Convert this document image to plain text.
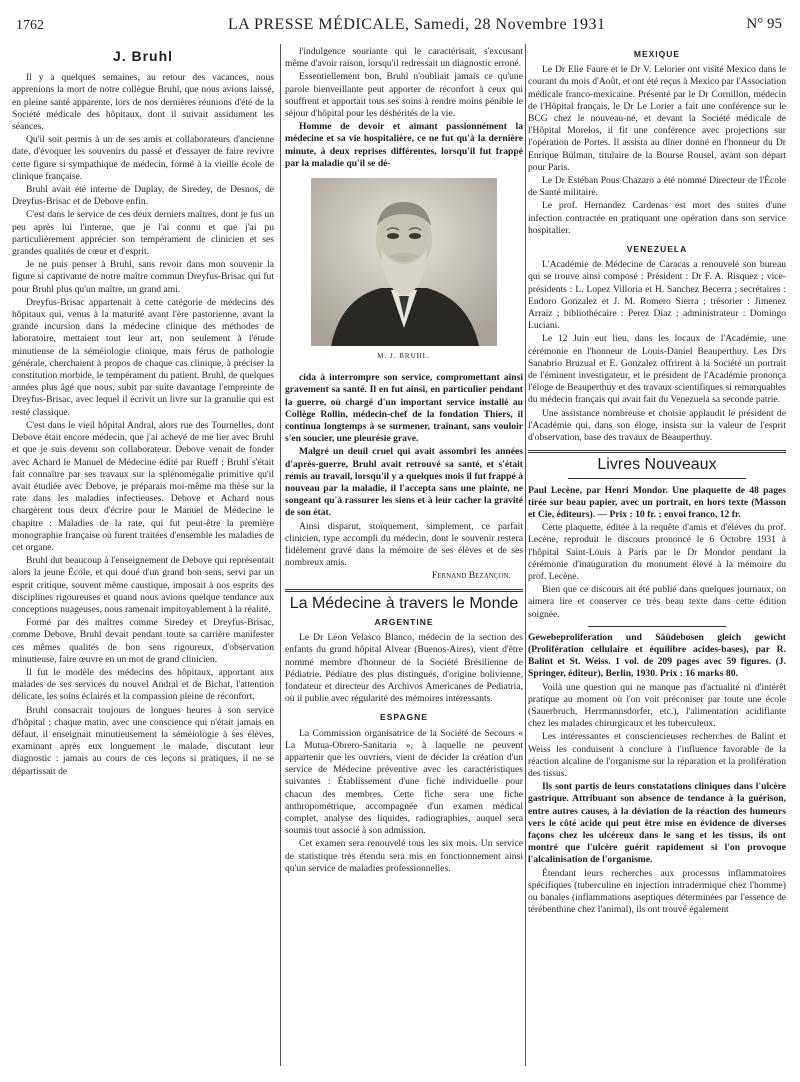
1762	LA PRESSE MÉDICALE, Samedi, 28 Novembre 1931	N° 95
J. Bruhl

Il y a quelques semaines, au retour des vacances, nous apprenions la mort de notre collègue Bruhl, que nous avions laissé, en pleine santé apparente, lors de nos dernières réunions d'été de la Société médicale des hôpitaux, dont il suivait assidument les séances.

Qu'il soit permis à un de ses amis et collaborateurs d'ancienne date, d'évoquer les souvenirs du passé et d'essayer de faire revivre cette figure si sympathique de médecin, formé à la vieille école de clinique française.

Bruhl avait été interne de Duplay, de Siredey, de Desnos, de Dreyfus-Brisac et de Debove enfin.

C'est dans le service de ces deux derniers maîtres, dont je fus un peu après lui l'interne, que je l'ai connu et que j'ai pu particulièrement apprécier son tempérament de clinicien et ses grandes qualités de cœur et d'esprit.

Je ne puis penser à Bruhl, sans revoir dans mon souvenir la figure si captivante de notre maître commun Dreyfus-Brisac qui fut pour Bruhl plus qu'un maître, un grand ami.

Dreyfus-Brisac appartenait à cette catégorie de médecins des hôpitaux qui, venus à la maturité avant l'ère pastorienne, avant la grande incursion dans la médecine clinique des méthodes de laboratoire, mettaient tout leur art, non seulement à l'étude minutieuse de la séméiologie clinique, mais férus de pathologie générale, cherchaient à propos de chaque cas clinique, à préciser la constitution morbide, le tempérament du patient. Bruhl, de quelques années plus âgé que nous, subit par suite davantage l'empreinte de Dreyfus-Brisac, avec lequel il écrivit un livre sur la granulie qui est resté classique.

C'est dans le vieil hôpital Andral, alors rue des Tournelles, dont Debove était encore médecin, que j'ai achevé de me lier avec Bruhl et que je suis devenu son collaborateur. Debove venait de fonder avec Achard le Manuel de Médecine édité par Rueff ; Bruhl s'était fait connaître par ses travaux sur la splénomégalie primitive qu'il avait étudiée avec Debove, je préparais moi-même ma thèse sur la rate dans les maladies infectieuses. Debove et Achard nous chargèrent tous deux d'écrire pour le Manuel de Médecine le chapitre : Maladies de la rate, qui fut peut-être la première monographie française où furent traitées d'ensemble les maladies de cet organe.

Bruhl dut beaucoup à l'enseignement de Debove qui représentait alors la jeune École, et qui doué d'un grand bon sens, servi par un esprit critique, souvent même caustique, imposait à nos esprits des disciplines rigoureuses et quand nous avions quelque tendance aux conceptions nuageuses, nous ramenait impitoyablement à la réalité.

Formé par des maîtres comme Siredey et Dreyfus-Brisac, comme Debove, Bruhl devait pendant toute sa carrière manifester ces mêmes qualités de bon sens rigoureux, d'observation minutieuse, faire œuvre en un mot de grand clinicien.

Il fut le modèle des médecins des hôpitaux, apportant aux malades de ses services du nouvel Andral et de Bichat, l'attention délicate, les soins éclairés et la compassion pleine de réconfort.

Bruhl consacrait toujours de longues heures à son service d'hôpital ; chaque matin, avec une conscience qui n'était jamais en défaut, il enseignait minutieusement la séméiologie à ses élèves, examinant après eux longuement le malade, discutant leur diagnostic : jamais au cours de ces leçons si pratiques, il ne se départissait de

l'indulgence souriante qui le caractérisait, s'excusant même d'avoir raison, lorsqu'il redressait un diagnostic erroné.

Essentiellement bon, Bruhl n'oubliait jamais ce qu'une parole bienveillante peut apporter de réconfort à ceux qui souffrent et apportait tous ses soins à rendre moins pénible le séjour d'hôpital pour les déshérités de la vie.

Homme de devoir et aimant passionnément la médecine et sa vie hospitalière, ce ne fut qu'à la dernière minute, à deux reprises différentes, lorsqu'il fut frappé par la maladie qu'il se dé-

M. J. BRUHL.

cida à interrompre son service, compromettant ainsi gravement sa santé. Il en fut ainsi, en particulier pendant la guerre, où chargé d'un important service installé au Collège Rollin, médecin-chef de la fondation Thiers, il continua longtemps à se surmener, traînant, sans vouloir s'en soucier, une pleurésie grave.

Malgré un deuil cruel qui avait assombri les années d'après-guerre, Bruhl avait retrouvé sa santé, et s'était remis au travail, lorsqu'il y a quelques mois il fut frappé à nouveau par la maladie, il l'accepta sans une plainte, ne songeant qu'à rassurer les siens et à leur cacher la gravité de son état.

Ainsi disparut, stoïquement, simplement, ce parfait clinicien, type accompli du médecin, dont le souvenir restera fidèlement gravé dans la mémoire de ses élèves et de ses nombreux amis.

Fernand Bezançon.
La Médecine à travers le Monde
ARGENTINE

Le Dr Léon Velasco Blanco, médecin de la section des enfants du grand hôpital Alvear (Buenos-Aires), vient d'être nommé membre d'honneur de la Société Brésilienne de Pédiatrie. Pédiatre des plus distingués, d'origine bolivienne, fondateur et directeur des Archivos Americanes de Pediatria, où il publie avec régularité des mémoires intéressants.

ESPAGNE

La Commission organisatrice de la Société de Secours « La Mutua-Obrero-Sanitaria », à laquelle ne peuvent appartenir que les ouvriers, vient de décider la création d'un service de Médecine préventive avec les caractéristiques suivantes : Établissement d'une fiche individuelle pour chacun des membres. Cette fiche sera une fiche anthropométrique, accompagnée d'un examen médical complet, analyse des liquides, radiographies, auquel sera soumis tout associé à son admission.

Cet examen sera renouvelé tous les six mois. Un service de statistique très étendu sera mis en fonctionnement ainsi qu'un service de maladies professionnelles.

MEXIQUE

Le Dr Elie Faure et le Dr V. Lelorier ont visité Mexico dans le courant du mois d'Août, et ont été reçus à Mexico par l'Association médicale franco-mexicaine. Présenté par le Dr Cornillon, médecin de l'Hôpital français, le Dr Le Lorier a fait une conférence sur le BCG chez le nouveau-né, et devant la Société médicale de l'Hôpital Morelos, il fit une conférence avec projections sur l'opération de Portes. Il assista au dîner donné en l'honneur du Dr Enrique Bülman, titulaire de la Bourse Rousel, avant son départ pour Paris.

Le Dr Estéban Pous Chazaro a été nommé Directeur de l'École de Santé militaire.

Le prof. Hernandez Cardenas est mort des suites d'une infection contractée en pratiquant une opération dans son service hospitalier.

VENEZUELA

L'Académie de Médecine de Caracas a renouvelé son bureau qui se trouve ainsi composé : Président : Dr F. A. Risquez ; vice-présidents : L. Lopez Villoria et H. Sanchez Becerra ; secrétaires : Endoro Gonzalez et J. M. Romero Sierra ; trésorier : Jimenez Arraiz ; bibliothécaire : Perez Diaz ; administrateur : Domingo Luciani.

Le 12 Juin eut lieu, dans les locaux de l'Académie, une cérémonie en l'honneur de Louis-Daniel Beauperthuy. Les Drs Sanabrio Bruzual et E. Gonzalez offrirent à la Société un portrait de l'éminent investigateur, et le président de l'Académie prononça l'éloge de Beauperthuy et des travaux scientifiques si remarquables du médecin français qui avait fait du Venezuela sa seconde patrie.

Une assistance nombreuse et choisie applaudit le président de l'Académie qui, dans son éloge, insista sur la valeur de l'esprit d'observation, base des travaux de Beauperthuy.

Livres Nouveaux

Paul Lecène, par Henri Mondor. Une plaquette de 48 pages tirée sur beau papier, avec un portrait, en hors texte (Masson et Cie, éditeurs). — Prix : 10 fr. ; envoi franco, 12 fr.

Cette plaquette, éditée à la requête d'amis et d'élèves du prof. Lecène, reproduit le discours prononcé le 6 Octobre 1931 à l'hôpital Saint-Louis à Paris par le Dr Mondor pendant la cérémonie d'inauguration du monument élevé à la mémoire du prof. Lecène.

Bien que ce discours ait été publié dans quelques journaux, on aimera lire et conserver ce très beau texte dans cette édition soignée.

Gewebeproliferation und Säüdebosen gleich gewicht (Prolifération cellulaire et équilibre acides-bases), par R. Balint et St. Weiss. 1 vol. de 209 pages avec 59 figures. (J. Springer, éditeur), Berlin, 1930. Prix : 16 marks 80.

Voilà une question qui ne manque pas d'actualité ni d'intérêt pratique au moment où l'on voit préconiser par toute une école (Sauerbruch, Herrmannsdorfer, etc.), l'alimentation acidifiante chez les malades chirurgicaux et les tuberculeux.

Les intéressantes et consciencieuses recherches de Balint et Weiss les conduisent à conclure à l'influence favorable de la réaction alcaline de l'organisme sur la réparation et la prolifération des tissus.

Ils sont partis de leurs constatations cliniques dans l'ulcère gastrique. Attribuant son absence de tendance à la guérison, entre autres causes, à la déviation de la réaction des humeurs vers le côté acide qui peut être mise en évidence de diverses façons chez les ulcéreux dans le sang et les tissus, ils ont montré que l'ulcère guérit rapidement si l'on provoque l'alcalinisation de l'organisme.

Étendant leurs recherches aux processus inflammatoires spécifiques (tuberculine en injection intradermique chez l'homme) ou banales (inflammations aseptiques déterminées par l'essence de térébenthine chez l'animal), ils ont trouvé également
